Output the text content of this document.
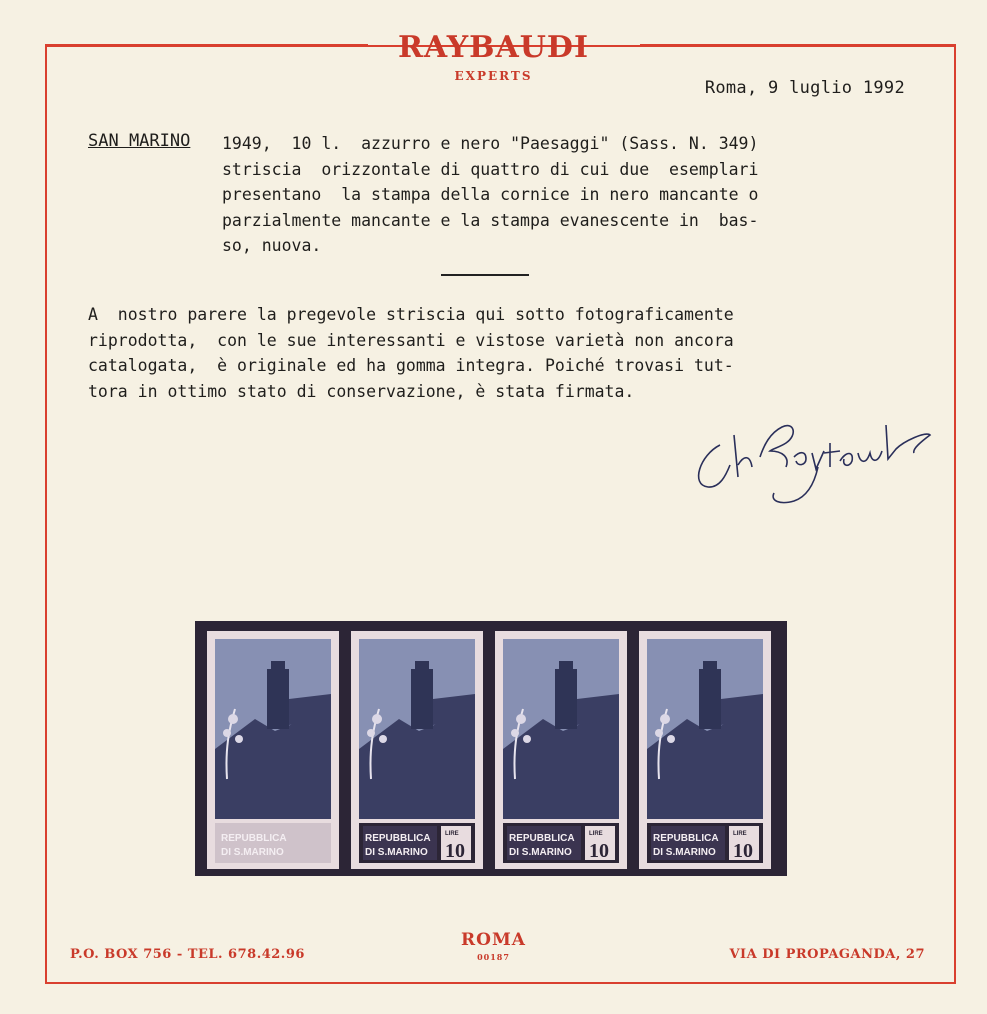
RAYBAUDI
EXPERTS
Roma, 9 luglio 1992
SAN MARINO 1949,  10 l.  azzurro e nero "Paesaggi" (Sass. N. 349)
striscia  orizzontale di quattro di cui due  esemplari
presentano  la stampa della cornice in nero mancante o
parzialmente mancante e la stampa evanescente in  bas-
so, nuova.
A  nostro parere la pregevole striscia qui sotto fotograficamente
riprodotta,  con le sue interessanti e vistose varietà non ancora
catalogata,  è originale ed ha gomma integra. Poiché trovasi tut-
tora in ottimo stato di conservazione, è stata firmata.
REPUBBLICA
DI S.MARINO
REPUBBLICA
DI S.MARINO
LIRE
10
REPUBBLICA
DI S.MARINO
LIRE
10
REPUBBLICA
DI S.MARINO
LIRE
10
P.O. BOX 756 - TEL. 678.42.96
ROMA
00187	VIA DI PROPAGANDA, 27
